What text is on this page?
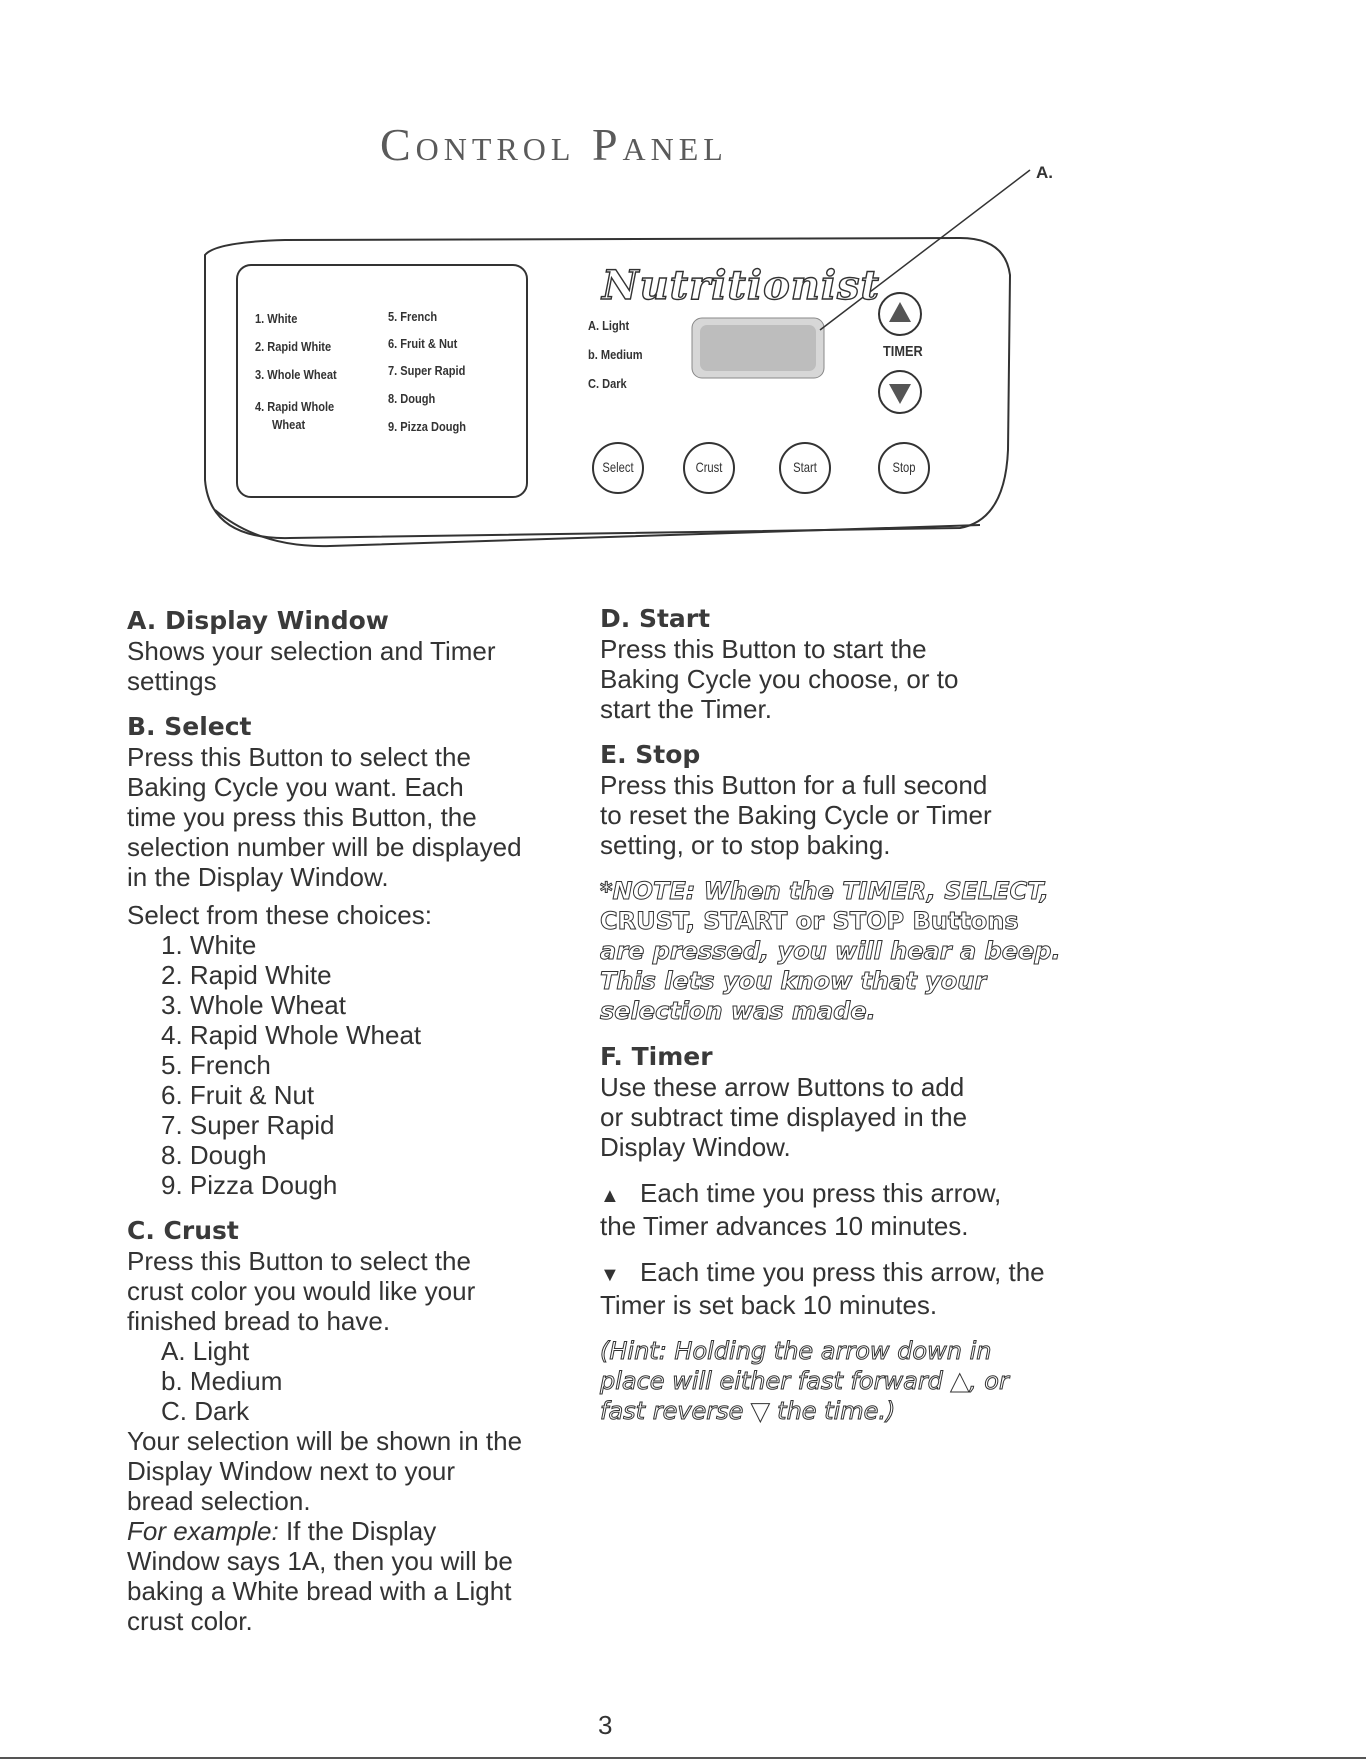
Control Panel
A.
Nutritionist
1. White
2. Rapid White
3. Whole Wheat
4. Rapid Whole
Wheat
5. French
6. Fruit & Nut
7. Super Rapid
8. Dough
9. Pizza Dough
A. Light
b. Medium
C. Dark
TIMER
Select	Crust	Start	Stop

A. Display Window

Shows your selection and Timer

settings

B. Select

Press this Button to select the

Baking Cycle you want. Each

time you press this Button, the

selection number will be displayed

in the Display Window.

Select from these choices:

1. White

2. Rapid White

3. Whole Wheat

4. Rapid Whole Wheat

5. French

6. Fruit & Nut

7. Super Rapid

8. Dough

9. Pizza Dough

C. Crust

Press this Button to select the

crust color you would like your

finished bread to have.

A. Light

b. Medium

C. Dark

Your selection will be shown in the

Display Window next to your

bread selection.

For example: If the Display

Window says 1A, then you will be

baking a White bread with a Light

crust color.

D. Start

Press this Button to start the

Baking Cycle you choose, or to

start the Timer.

E. Stop

Press this Button for a full second

to reset the Baking Cycle or Timer

setting, or to stop baking.

*NOTE: When the TIMER, SELECT,

CRUST, START or STOP Buttons

are pressed, you will hear a beep.

This lets you know that your

selection was made.

F. Timer

Use these arrow Buttons to add

or subtract time displayed in the

Display Window.

▲ Each time you press this arrow,

the Timer advances 10 minutes.

▼ Each time you press this arrow, the

Timer is set back 10 minutes.

(Hint: Holding the arrow down in

place will either fast forward ▲, or

fast reverse ▼ the time.)

3
